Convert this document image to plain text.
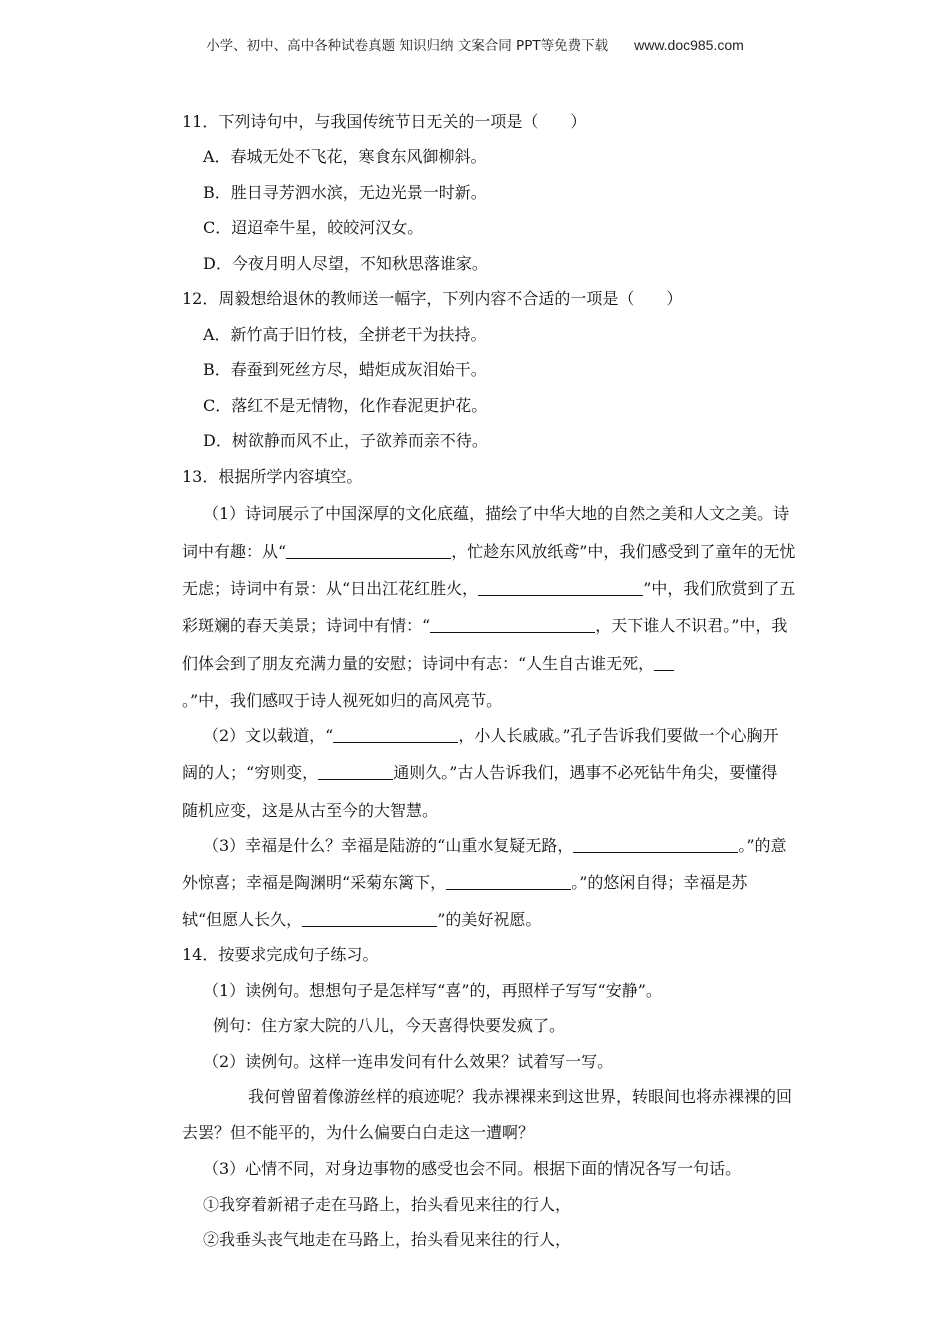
小学、初中、高中各种试卷真题 知识归纳 文案合同 PPT等免费下载 www.doc985.com
11．下列诗句中，与我国传统节日无关的一项是（　　）
A．春城无处不飞花，寒食东风御柳斜。
B．胜日寻芳泗水滨，无边光景一时新。
C．迢迢牵牛星，皎皎河汉女。
D．今夜月明人尽望，不知秋思落谁家。
12．周毅想给退休的教师送一幅字，下列内容不合适的一项是（　　）
A．新竹高于旧竹枝，全拼老干为扶持。
B．春蚕到死丝方尽，蜡炬成灰泪始干。
C．落红不是无情物，化作春泥更护花。
D．树欲静而风不止，子欲养而亲不待。
13．根据所学内容填空。
（1）诗词展示了中国深厚的文化底蕴，描绘了中华大地的自然之美和人文之美。诗
词中有趣：从“	，忙趁东风放纸鸢”中，我们感受到了童年的无忧
无虑；诗词中有景：从“日出江花红胜火，	”中，我们欣赏到了五
彩斑斓的春天美景；诗词中有情：“	，天下谁人不识君。”中，我
们体会到了朋友充满力量的安慰；诗词中有志：“人生自古谁无死，
。”中，我们感叹于诗人视死如归的高风亮节。
（2）文以载道，“	，小人长戚戚。”孔子告诉我们要做一个心胸开
阔的人；“穷则变，	通则久。”古人告诉我们，遇事不必死钻牛角尖，要懂得
随机应变，这是从古至今的大智慧。
（3）幸福是什么？幸福是陆游的“山重水复疑无路，	。”的意
外惊喜；幸福是陶渊明“采菊东篱下，	。”的悠闲自得；幸福是苏
轼“但愿人长久，	”的美好祝愿。
14．按要求完成句子练习。
（1）读例句。想想句子是怎样写“喜”的，再照样子写写“安静”。
例句：住方家大院的八儿，今天喜得快要发疯了。
（2）读例句。这样一连串发问有什么效果？试着写一写。
我何曾留着像游丝样的痕迹呢？我赤裸裸来到这世界，转眼间也将赤裸裸的回
去罢？但不能平的，为什么偏要白白走这一遭啊？
（3）心情不同，对身边事物的感受也会不同。根据下面的情况各写一句话。
①我穿着新裙子走在马路上，抬头看见来往的行人，
②我垂头丧气地走在马路上，抬头看见来往的行人，
